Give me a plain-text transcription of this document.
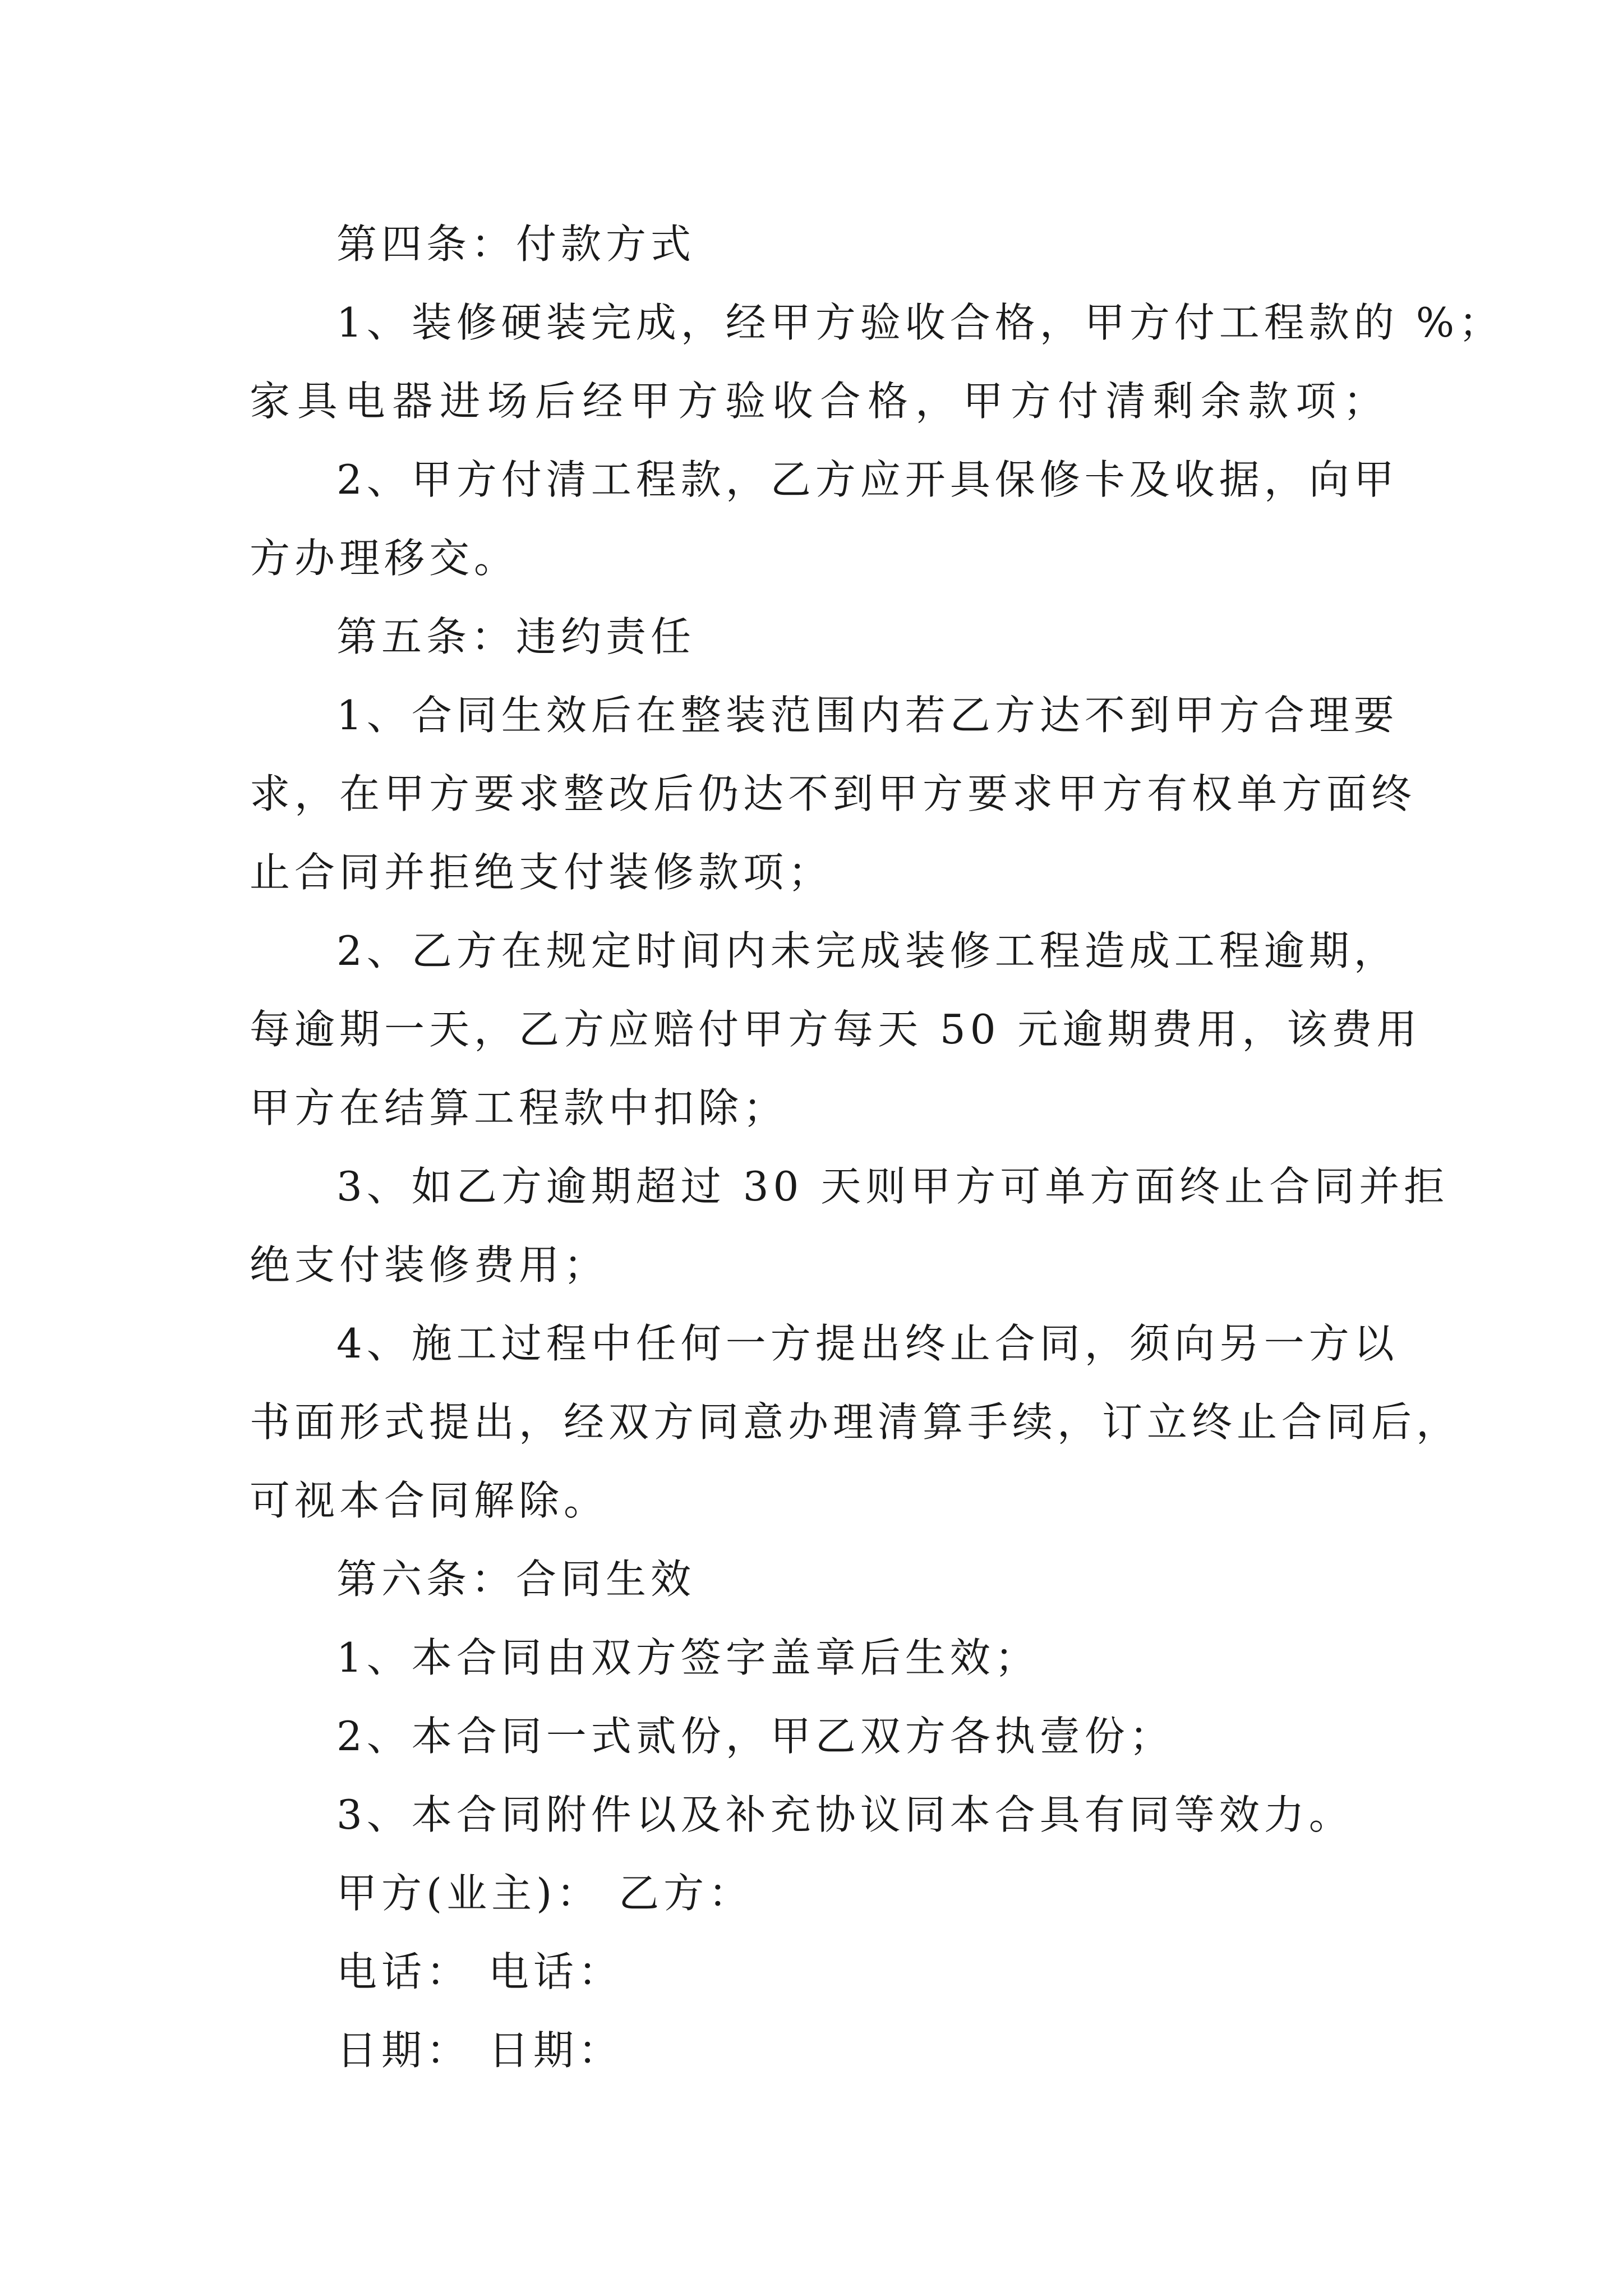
第四条：付款方式
1、装修硬装完成，经甲方验收合格，甲方付工程款的 %；
家具电器进场后经甲方验收合格，甲方付清剩余款项；
2、甲方付清工程款，乙方应开具保修卡及收据，向甲
方办理移交。
第五条：违约责任
1、合同生效后在整装范围内若乙方达不到甲方合理要
求，在甲方要求整改后仍达不到甲方要求甲方有权单方面终
止合同并拒绝支付装修款项；
2、乙方在规定时间内未完成装修工程造成工程逾期，
每逾期一天，乙方应赔付甲方每天 50 元逾期费用，该费用
甲方在结算工程款中扣除；
3、如乙方逾期超过 30 天则甲方可单方面终止合同并拒
绝支付装修费用；
4、施工过程中任何一方提出终止合同，须向另一方以
书面形式提出，经双方同意办理清算手续，订立终止合同后，
可视本合同解除。
第六条：合同生效
1、本合同由双方签字盖章后生效；
2、本合同一式贰份，甲乙双方各执壹份；
3、本合同附件以及补充协议同本合具有同等效力。
甲方(业主)： 乙方：
电话： 电话：
日期： 日期：
